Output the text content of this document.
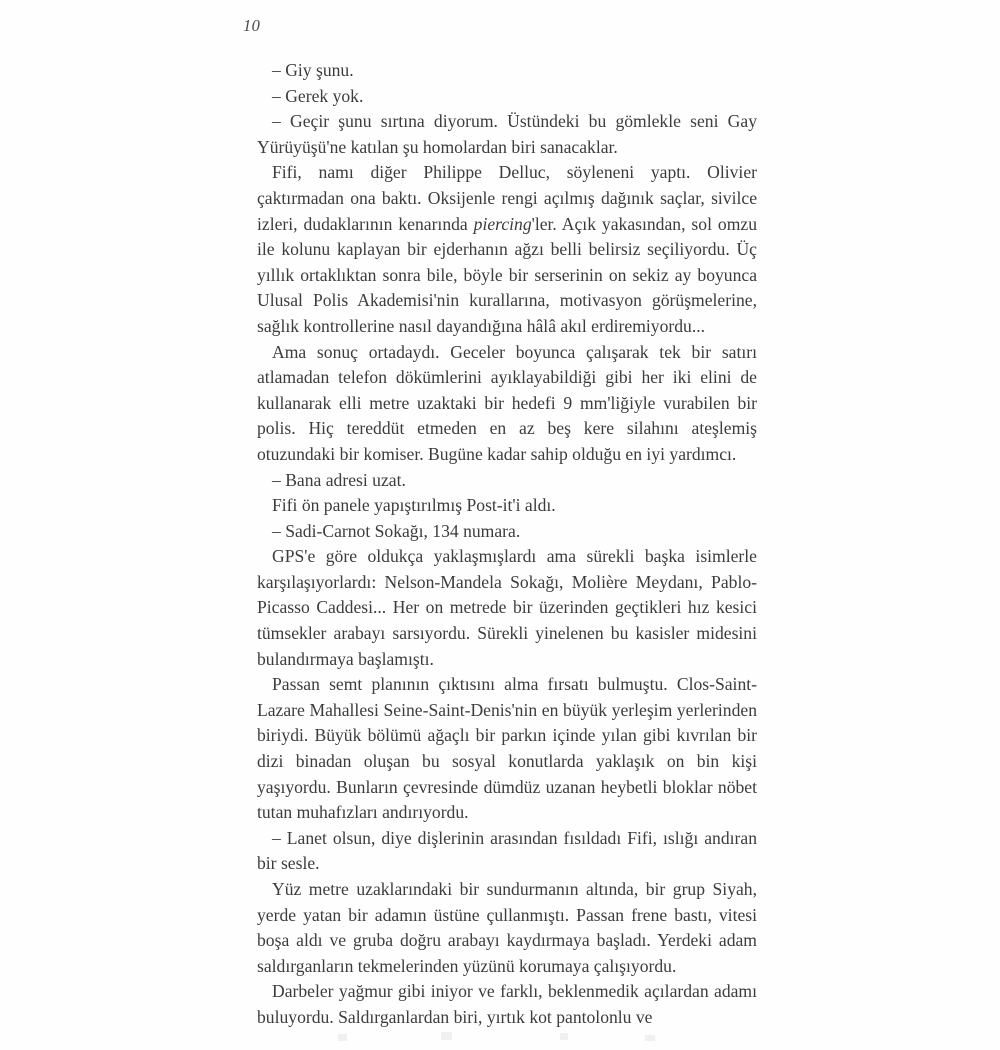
10

– Giy şunu.

– Gerek yok.

– Geçir şunu sırtına diyorum. Üstündeki bu gömlekle seni Gay Yürüyüşü'ne katılan şu homolardan biri sanacaklar.

Fifi, namı diğer Philippe Delluc, söyleneni yaptı. Olivier çaktırmadan ona baktı. Oksijenle rengi açılmış dağınık saçlar, sivilce izleri, dudaklarının kenarında piercing'ler. Açık yakasından, sol omzu ile kolunu kaplayan bir ejderhanın ağzı belli belirsiz seçiliyordu. Üç yıllık ortaklıktan sonra bile, böyle bir serserinin on sekiz ay boyunca Ulusal Polis Akademisi'nin kurallarına, motivasyon görüşmelerine, sağlık kontrollerine nasıl dayandığına hâlâ akıl erdiremiyordu...

Ama sonuç ortadaydı. Geceler boyunca çalışarak tek bir satırı atlamadan telefon dökümlerini ayıklayabildiği gibi her iki elini de kullanarak elli metre uzaktaki bir hedefi 9 mm'liğiyle vurabilen bir polis. Hiç tereddüt etmeden en az beş kere silahını ateşlemiş otuzundaki bir komiser. Bugüne kadar sahip olduğu en iyi yardımcı.

– Bana adresi uzat.

Fifi ön panele yapıştırılmış Post-it'i aldı.

– Sadi-Carnot Sokağı, 134 numara.

GPS'e göre oldukça yaklaşmışlardı ama sürekli başka isimlerle karşılaşıyorlardı: Nelson-Mandela Sokağı, Molière Meydanı, Pablo-Picasso Caddesi... Her on metrede bir üzerinden geçtikleri hız kesici tümsekler arabayı sarsıyordu. Sürekli yinelenen bu kasisler midesini bulandırmaya başlamıştı.

Passan semt planının çıktısını alma fırsatı bulmuştu. Clos-Saint-Lazare Mahallesi Seine-Saint-Denis'nin en büyük yerleşim yerlerinden biriydi. Büyük bölümü ağaçlı bir parkın içinde yılan gibi kıvrılan bir dizi binadan oluşan bu sosyal konutlarda yaklaşık on bin kişi yaşıyordu. Bunların çevresinde dümdüz uzanan heybetli bloklar nöbet tutan muhafızları andırıyordu.

– Lanet olsun, diye dişlerinin arasından fısıldadı Fifi, ıslığı andıran bir sesle.

Yüz metre uzaklarındaki bir sundurmanın altında, bir grup Siyah, yerde yatan bir adamın üstüne çullanmıştı. Passan frene bastı, vitesi boşa aldı ve gruba doğru arabayı kaydırmaya başladı. Yerdeki adam saldırganların tekmelerinden yüzünü korumaya çalışıyordu.

Darbeler yağmur gibi iniyor ve farklı, beklenmedik açılardan adamı buluyordu. Saldırganlardan biri, yırtık kot pantolonlu ve
